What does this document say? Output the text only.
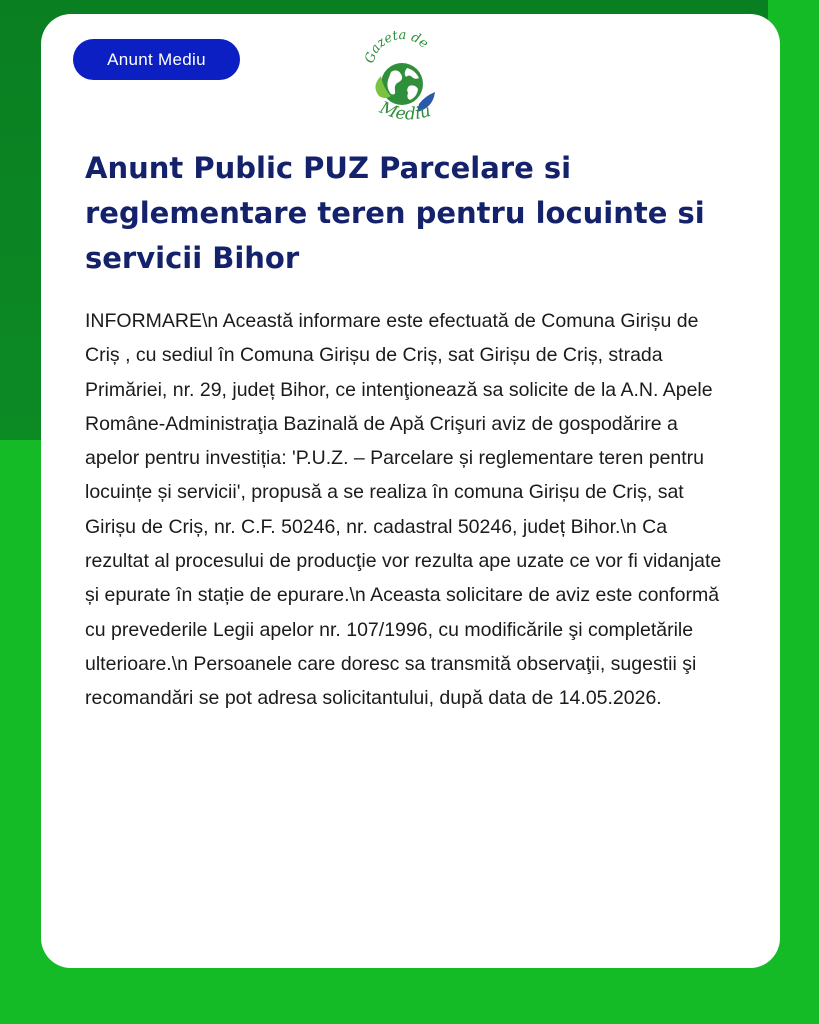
Anunt Mediu	Gazeta de
Mediu
Anunt Public PUZ Parcelare si reglementare teren pentru locuinte si servicii Bihor

INFORMARE\n Această informare este efectuată de Comuna Girișu de Criș , cu sediul în Comuna Girișu de Criș, sat Girișu de Criș, strada Primăriei, nr. 29, județ Bihor, ce intenţionează sa solicite de la A.N. Apele Române-Administraţia Bazinală de Apă Crişuri aviz de gospodărire a apelor pentru investiția: 'P.U.Z. – Parcelare și reglementare teren pentru locuințe și servicii', propusă a se realiza în comuna Girișu de Criș, sat Girișu de Criș, nr. C.F. 50246, nr. cadastral 50246, județ Bihor.\n Ca rezultat al procesului de producţie vor rezulta ape uzate ce vor fi vidanjate și epurate în stație de epurare.\n Aceasta solicitare de aviz este conformă cu prevederile Legii apelor nr. 107/1996, cu modificările şi completările ulterioare.\n Persoanele care doresc sa transmită observaţii, sugestii şi recomandări se pot adresa solicitantului, după data de 14.05.2026.
